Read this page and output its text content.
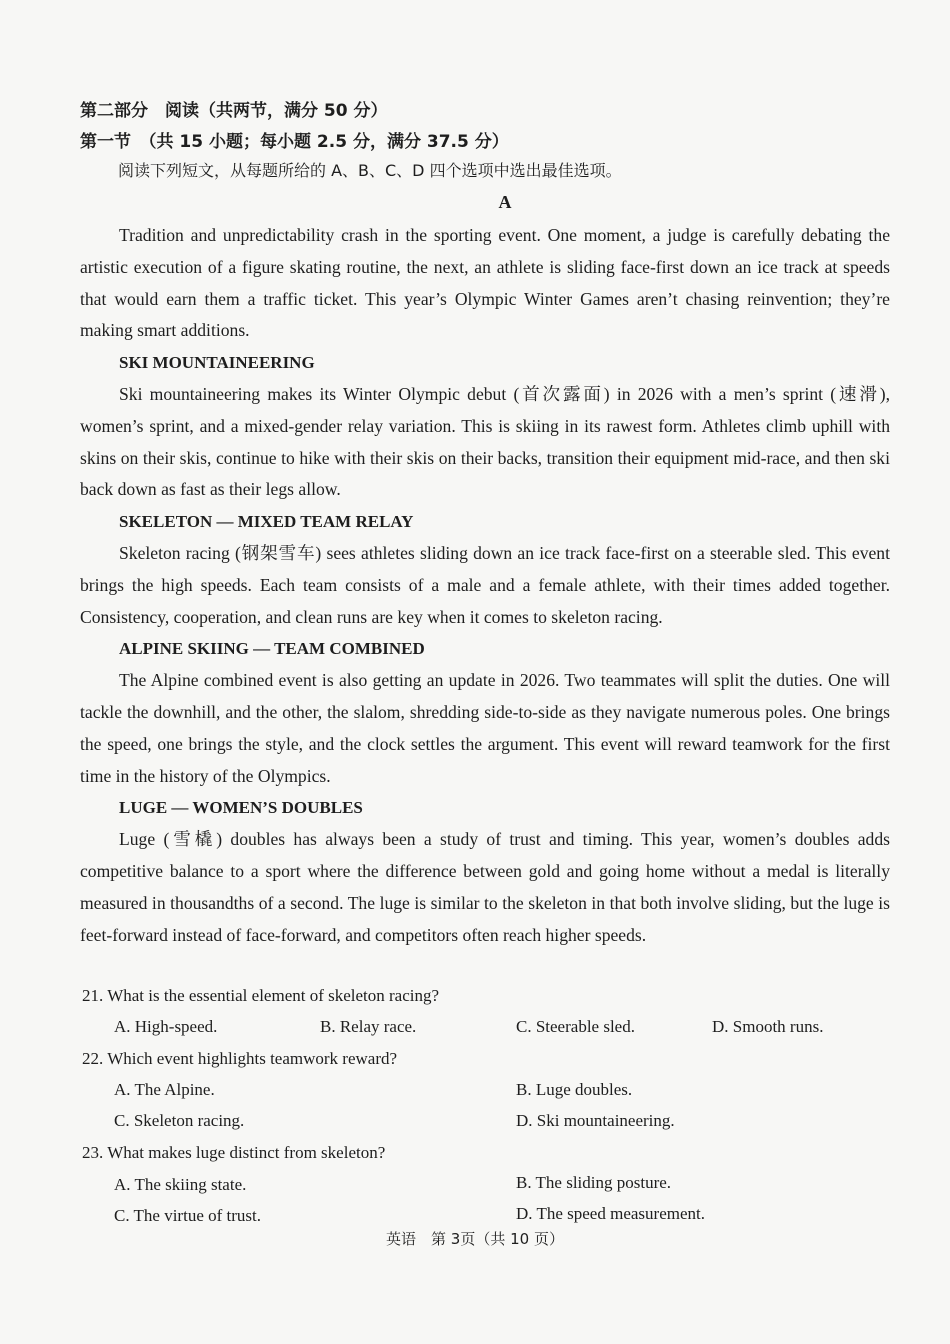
第二部分　阅读（共两节，满分 50 分）
第一节　（共 15 小题；每小题 2.5 分，满分 37.5 分）
阅读下列短文，从每题所给的 A、B、C、D 四个选项中选出最佳选项。
A

Tradition and unpredictability crash in the sporting event. One moment, a judge is carefully debating the artistic execution of a figure skating routine, the next, an athlete is sliding face-first down an ice track at speeds that would earn them a traffic ticket. This year’s Olympic Winter Games aren’t chasing reinvention; they’re making smart additions.

SKI MOUNTAINEERING

Ski mountaineering makes its Winter Olympic debut (首次露面) in 2026 with a men’s sprint (速滑), women’s sprint, and a mixed-gender relay variation. This is skiing in its rawest form. Athletes climb uphill with skins on their skis, continue to hike with their skis on their backs, transition their equipment mid-race, and then ski back down as fast as their legs allow.

SKELETON — MIXED TEAM RELAY

Skeleton racing (钢架雪车) sees athletes sliding down an ice track face-first on a steerable sled. This event brings the high speeds. Each team consists of a male and a female athlete, with their times added together. Consistency, cooperation, and clean runs are key when it comes to skeleton racing.

ALPINE SKIING — TEAM COMBINED

The Alpine combined event is also getting an update in 2026. Two teammates will split the duties. One will tackle the downhill, and the other, the slalom, shredding side-to-side as they navigate numerous poles. One brings the speed, one brings the style, and the clock settles the argument. This event will reward teamwork for the first time in the history of the Olympics.

LUGE — WOMEN’S DOUBLES

Luge (雪橇) doubles has always been a study of trust and timing. This year, women’s doubles adds competitive balance to a sport where the difference between gold and going home without a medal is literally measured in thousandths of a second. The luge is similar to the skeleton in that both involve sliding, but the luge is feet-forward instead of face-forward, and competitors often reach higher speeds.

21. What is the essential element of skeleton racing?
A. High-speed.	B. Relay race.	C. Steerable sled.	D. Smooth runs.
22. Which event highlights teamwork reward?
A. The Alpine.	B. Luge doubles.
C. Skeleton racing.	D. Ski mountaineering.
23. What makes luge distinct from skeleton?
A. The skiing state.	B. The sliding posture.
C. The virtue of trust.	D. The speed measurement.
英语　第 3页（共 10 页）
